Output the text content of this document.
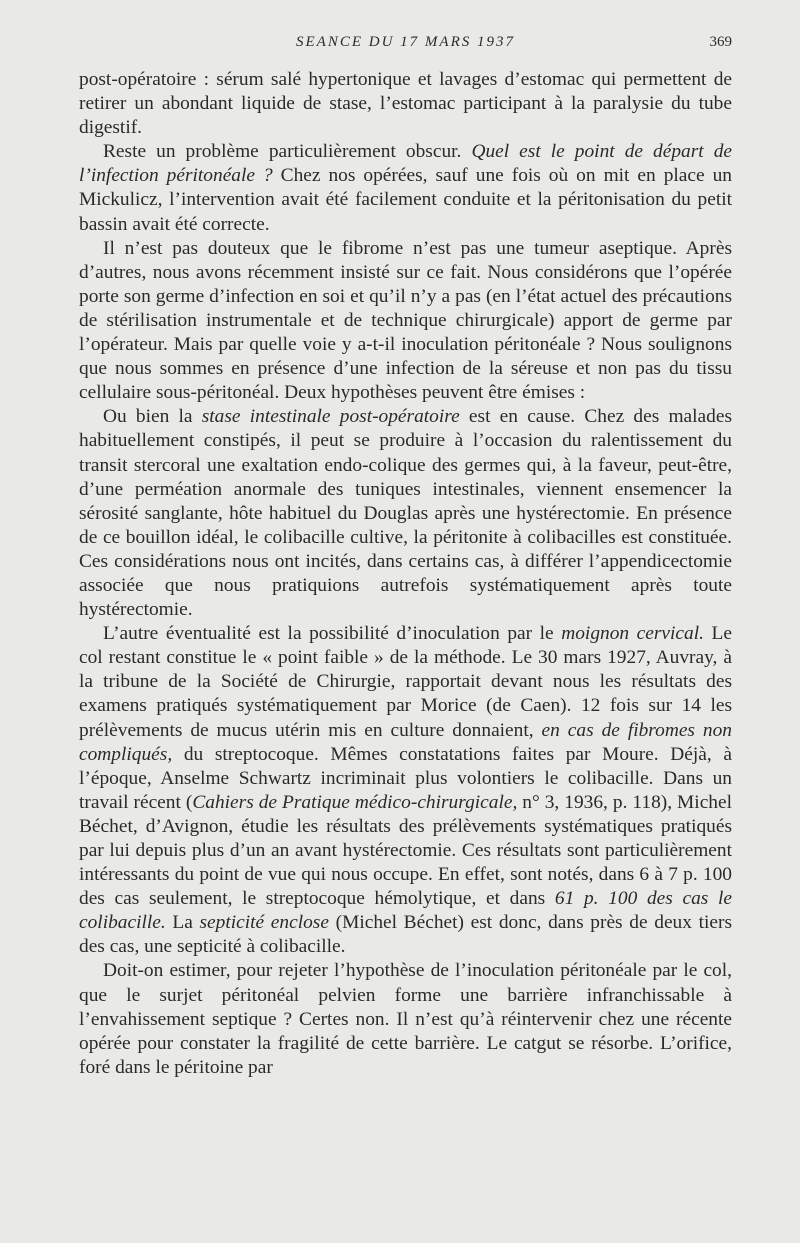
SEANCE DU 17 MARS 1937	369

post-opératoire : sérum salé hypertonique et lavages d’estomac qui permettent de retirer un abondant liquide de stase, l’estomac participant à la paralysie du tube digestif.

Reste un problème particulièrement obscur. Quel est le point de départ de l’infection péritonéale ? Chez nos opérées, sauf une fois où on mit en place un Mickulicz, l’intervention avait été facilement conduite et la péritonisation du petit bassin avait été correcte.

Il n’est pas douteux que le fibrome n’est pas une tumeur aseptique. Après d’autres, nous avons récemment insisté sur ce fait. Nous considérons que l’opérée porte son germe d’infection en soi et qu’il n’y a pas (en l’état actuel des précautions de stérilisation instrumentale et de technique chirurgicale) apport de germe par l’opérateur. Mais par quelle voie y a-t-il inoculation péritonéale ? Nous soulignons que nous sommes en présence d’une infection de la séreuse et non pas du tissu cellulaire sous-péritonéal. Deux hypothèses peuvent être émises :

Ou bien la stase intestinale post-opératoire est en cause. Chez des malades habituellement constipés, il peut se produire à l’occasion du ralentissement du transit stercoral une exaltation endo-colique des germes qui, à la faveur, peut-être, d’une perméation anormale des tuniques intestinales, viennent ensemencer la sérosité sanglante, hôte habituel du Douglas après une hystérectomie. En présence de ce bouillon idéal, le colibacille cultive, la péritonite à colibacilles est constituée. Ces considérations nous ont incités, dans certains cas, à différer l’appendicectomie associée que nous pratiquions autrefois systématiquement après toute hystérectomie.

L’autre éventualité est la possibilité d’inoculation par le moignon cervical. Le col restant constitue le « point faible » de la méthode. Le 30 mars 1927, Auvray, à la tribune de la Société de Chirurgie, rapportait devant nous les résultats des examens pratiqués systématiquement par Morice (de Caen). 12 fois sur 14 les prélèvements de mucus utérin mis en culture donnaient, en cas de fibromes non compliqués, du streptocoque. Mêmes constatations faites par Moure. Déjà, à l’époque, Anselme Schwartz incriminait plus volontiers le colibacille. Dans un travail récent (Cahiers de Pratique médico-chirurgicale, n° 3, 1936, p. 118), Michel Béchet, d’Avignon, étudie les résultats des prélèvements systématiques pratiqués par lui depuis plus d’un an avant hystérectomie. Ces résultats sont particulièrement intéressants du point de vue qui nous occupe. En effet, sont notés, dans 6 à 7 p. 100 des cas seulement, le streptocoque hémolytique, et dans 61 p. 100 des cas le colibacille. La septicité enclose (Michel Béchet) est donc, dans près de deux tiers des cas, une septicité à colibacille.

Doit-on estimer, pour rejeter l’hypothèse de l’inoculation péritonéale par le col, que le surjet péritonéal pelvien forme une barrière infranchissable à l’envahissement septique ? Certes non. Il n’est qu’à réintervenir chez une récente opérée pour constater la fragilité de cette barrière. Le catgut se résorbe. L’orifice, foré dans le péritoine par
